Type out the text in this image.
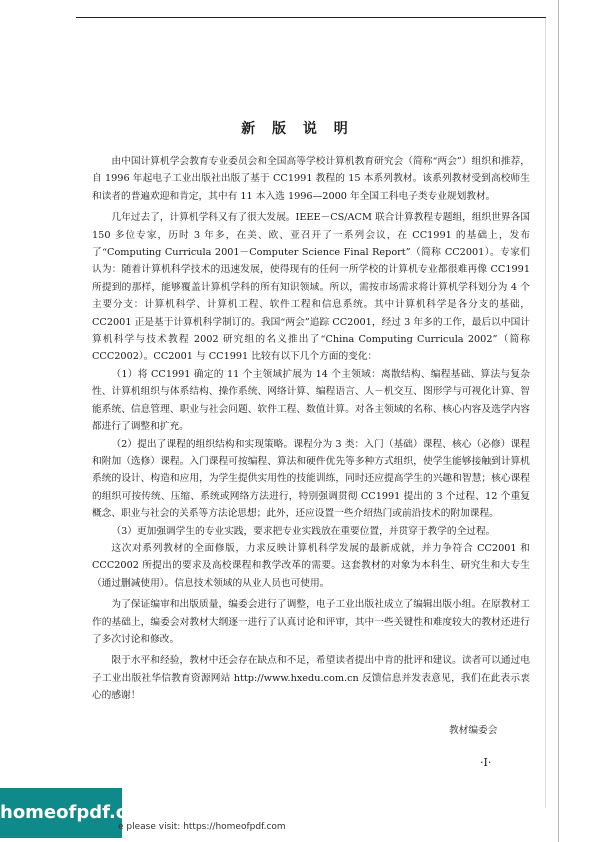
新 版 说 明

由中国计算机学会教育专业委员会和全国高等学校计算机教育研究会（简称“两会”）组织和推荐，自 1996 年起电子工业出版社出版了基于 CC1991 教程的 15 本系列教材。该系列教材受到高校师生和读者的普遍欢迎和肯定，其中有 11 本入选 1996—2000 年全国工科电子类专业规划教材。

几年过去了，计算机学科又有了很大发展。IEEE－CS/ACM 联合计算教程专题组，组织世界各国 150 多位专家，历时 3 年多，在美、欧、亚召开了一系列会议，在 CC1991 的基础上，发布了“Computing Curricula 2001－Computer Science Final Report”（简称 CC2001）。专家们认为：随着计算机科学技术的迅速发展，使得现有的任何一所学校的计算机专业都很难再像 CC1991 所提到的那样，能够覆盖计算机学科的所有知识领域。所以，需按市场需求将计算机学科划分为 4 个主要分支：计算机科学、计算机工程、软件工程和信息系统。其中计算机科学是各分支的基础，CC2001 正是基于计算机科学制订的。我国“两会”追踪 CC2001，经过 3 年多的工作，最后以中国计算机科学与技术教程 2002 研究组的名义推出了“China Computing Curricula 2002”（简称 CCC2002）。CC2001 与 CC1991 比较有以下几个方面的变化：

（1）将 CC1991 确定的 11 个主领域扩展为 14 个主领域：离散结构、编程基础、算法与复杂性、计算机组织与体系结构、操作系统、网络计算、编程语言、人－机交互、图形学与可视化计算、智能系统、信息管理、职业与社会问题、软件工程、数值计算。对各主领域的名称、核心内容及选学内容都进行了调整和扩充。

（2）提出了课程的组织结构和实现策略。课程分为 3 类：入门（基础）课程、核心（必修）课程和附加（选修）课程。入门课程可按编程、算法和硬件优先等多种方式组织，使学生能够接触到计算机系统的设计、构造和应用，为学生提供实用性的技能训练，同时还应提高学生的兴趣和智慧；核心课程的组织可按传统、压缩、系统或网络方法进行，特别强调贯彻 CC1991 提出的 3 个过程、12 个重复概念、职业与社会的关系等方法论思想；此外，还应设置一些介绍热门或前沿技术的附加课程。

（3）更加强调学生的专业实践，要求把专业实践放在重要位置，并贯穿于教学的全过程。

这次对系列教材的全面修版，力求反映计算机科学发展的最新成就，并力争符合 CC2001 和 CCC2002 所提出的要求及高校课程和教学改革的需要。这套教材的对象为本科生、研究生和大专生（通过删减使用）。信息技术领域的从业人员也可使用。

为了保证编审和出版质量，编委会进行了调整，电子工业出版社成立了编辑出版小组。在原教材工作的基础上，编委会对教材大纲逐一进行了认真讨论和评审，其中一些关键性和难度较大的教材还进行了多次讨论和修改。

限于水平和经验，教材中还会存在缺点和不足，希望读者提出中肯的批评和建议。读者可以通过电子工业出版社华信教育资源网站 http://www.hxedu.com.cn 反馈信息并发表意见，我们在此表示衷心的感谢！

教材编委会
·Ⅰ·
homeofpdf.com
e please visit: https://homeofpdf.com
